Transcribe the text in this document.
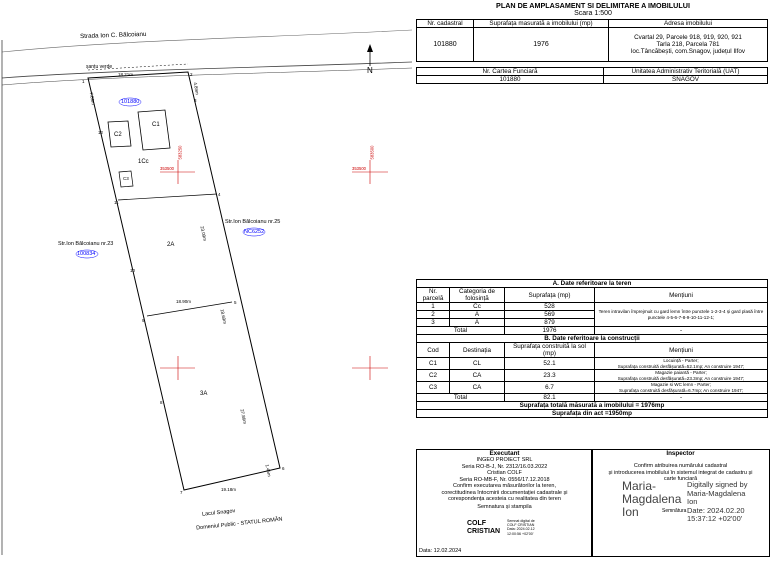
Strada Ion C. Bălcoianu
șanțu verde	N
101880
C1
C2
C3
1Cc
2A
3A
Str.Ion Bălcoianu nr.25
NC6252
Str.Ion Bălcoianu nr.23
100834
Lacul Snagov
Domeniul Public - STATUL ROMÂN
18.21m
18.90m
19.18m
7.89m
4.89m
23.09m
18.69m
27.86m
1.45m
353500
583250
353500
583500
1
2
3
4
5
6
7
8
9
10
11
12
PLAN DE AMPLASAMENT SI DELIMITARE A IMOBILULUI
Scara 1:500
Nr. cadastral	Suprafața masurată a imobilului (mp)	Adresa imobilului
101880	1976	Cvartal 29, Parcele 918, 919, 920, 921
Tarla 218, Parcela 781
loc.Tâncăbești, com.Snagov, județul Ilfov
Nr. Cartea Funciară	Unitatea Administrativ Teritorială (UAT)
101880	SNAGOV
A. Date referitoare la teren			
Nr. parcelă	Categoria de folosință	Suprafața (mp)	Mențiuni
1	Cc	528	Teren intravilan împrejmuit cu gard lemn între punctele 1-2-3-4 și gard plasă între punctele 4-5-6-7-8-9-10-11-12-1;
2	A	569	
3	A	879	
Total		1976	-
B. Date referitoare la construcții			
Cod	Destinația	Suprafața construită la sol (mp)	Mențiuni
C1	CL	52.1	Locuință - Parter;
Suprafața construită desfășurată=52.1mp; An construire 1947;

C2	CA	23.3	Magazie paiantă - Parter;
Suprafața construită desfășurată=23.3mp; An construire 1947;

C3	CA	6.7	Magazie si WC lemn - Parter;
Suprafața construită desfășurată=6.7mp; An construire 1947;

Total		82.1	-
Suprafața totală măsurată a imobilului = 1976mp			
Suprafața din act =1950mp			
Executant
INGEO PROIECT SRL
Seria RO-B-J, Nr. 2312/16.03.2022
Cristian COLF
Seria RO-MB-F, Nr. 0556/17.12.2018
Confirm executarea măsurătorilor la teren,
corectitudinea întocmirii documentației cadastrale și
corespondența acesteia cu realitatea din teren
Semnatura și stampila
COLF
CRISTIAN
Semnat digital de
COLF CRISTIAN
Data: 2024.02.12
12:00:56 +02'00'
Data: 12.02.2024
Inspector
Confirm atribuirea numărului cadastral
și introducerea imobilului în sistemul integrat de cadastru și
carte funciară
Maria-
Magdalena
Ion
Digitally signed by
Maria-Magdalena
Ion
Date: 2024.02.20
15:37:12 +02'00'
Semnătura
